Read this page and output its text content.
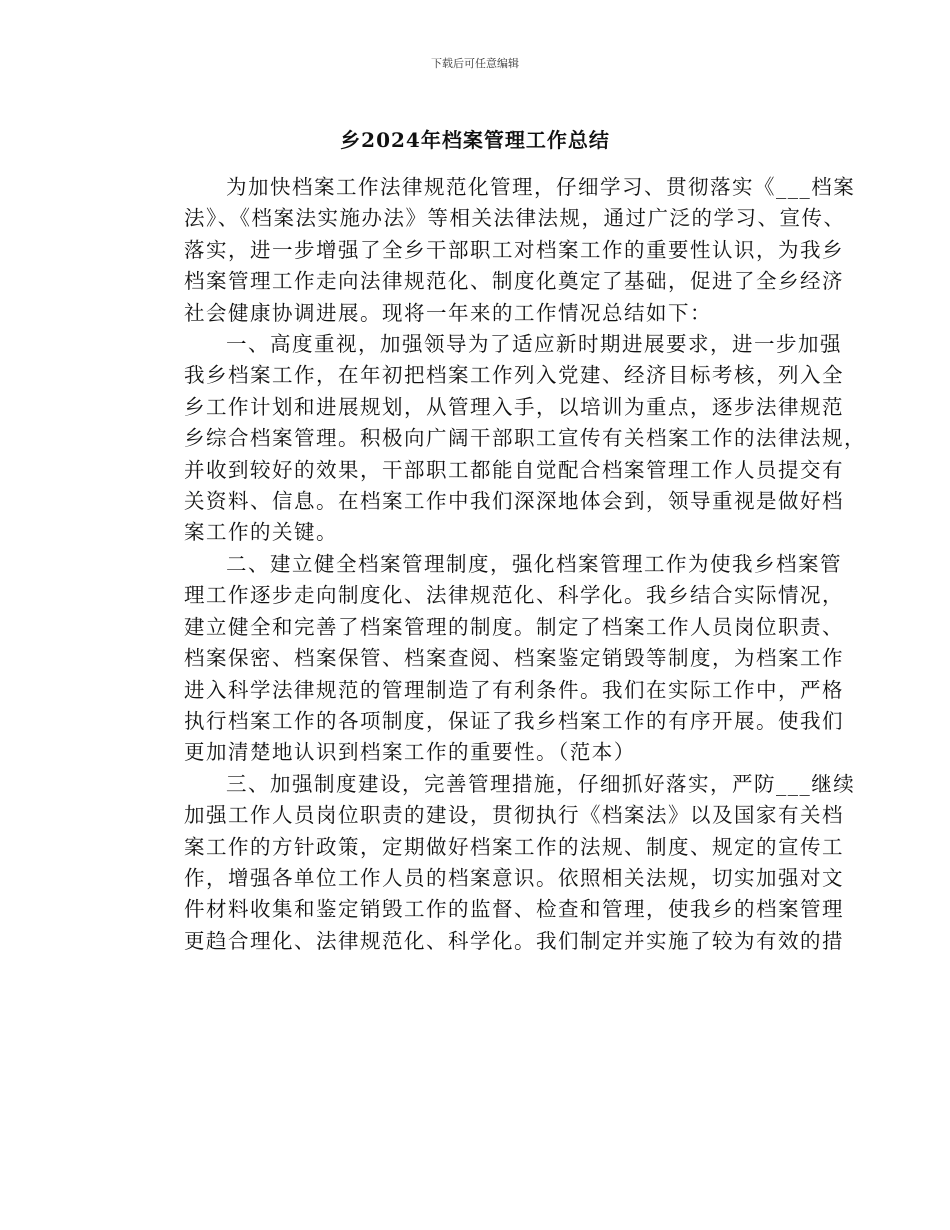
下载后可任意编辑
乡2024年档案管理工作总结
为加快档案工作法律规范化管理，仔细学习、贯彻落实《___档案
法》、《档案法实施办法》等相关法律法规，通过广泛的学习、宣传、
落实，进一步增强了全乡干部职工对档案工作的重要性认识，为我乡
档案管理工作走向法律规范化、制度化奠定了基础，促进了全乡经济
社会健康协调进展。现将一年来的工作情况总结如下：
一、高度重视，加强领导为了适应新时期进展要求，进一步加强
我乡档案工作，在年初把档案工作列入党建、经济目标考核，列入全
乡工作计划和进展规划，从管理入手，以培训为重点，逐步法律规范
乡综合档案管理。积极向广阔干部职工宣传有关档案工作的法律法规，
并收到较好的效果，干部职工都能自觉配合档案管理工作人员提交有
关资料、信息。在档案工作中我们深深地体会到，领导重视是做好档
案工作的关键。
二、建立健全档案管理制度，强化档案管理工作为使我乡档案管
理工作逐步走向制度化、法律规范化、科学化。我乡结合实际情况，
建立健全和完善了档案管理的制度。制定了档案工作人员岗位职责、
档案保密、档案保管、档案查阅、档案鉴定销毁等制度，为档案工作
进入科学法律规范的管理制造了有利条件。我们在实际工作中，严格
执行档案工作的各项制度，保证了我乡档案工作的有序开展。使我们
更加清楚地认识到档案工作的重要性。（范本）
三、加强制度建设，完善管理措施，仔细抓好落实，严防___继续
加强工作人员岗位职责的建设，贯彻执行《档案法》以及国家有关档
案工作的方针政策，定期做好档案工作的法规、制度、规定的宣传工
作，增强各单位工作人员的档案意识。依照相关法规，切实加强对文
件材料收集和鉴定销毁工作的监督、检查和管理，使我乡的档案管理
更趋合理化、法律规范化、科学化。我们制定并实施了较为有效的措
